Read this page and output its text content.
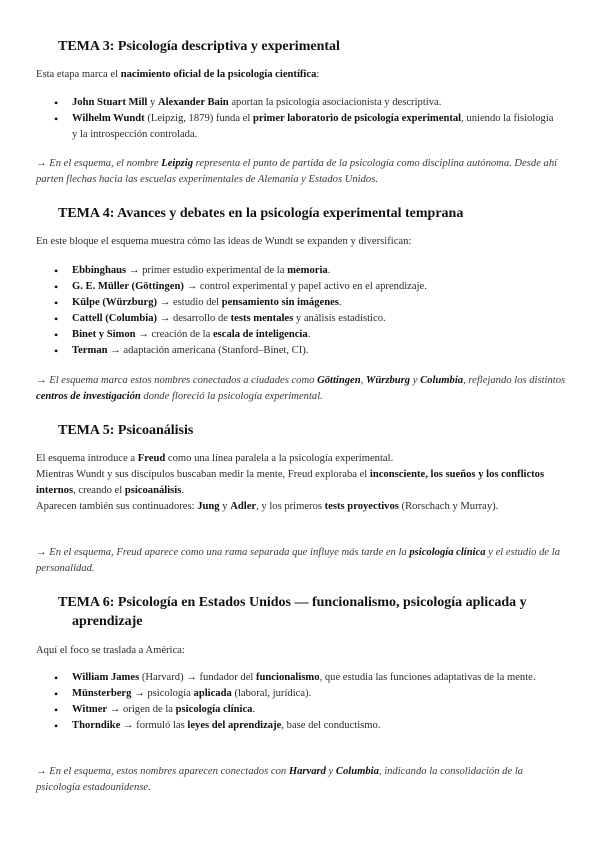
TEMA 3: Psicología descriptiva y experimental

Esta etapa marca el nacimiento oficial de la psicología científica:

• John Stuart Mill y Alexander Bain aportan la psicología asociacionista y descriptiva.
• Wilhelm Wundt (Leipzig, 1879) funda el primer laboratorio de psicología experimental, uniendo la fisiología y la introspección controlada.

→ En el esquema, el nombre Leipzig representa el punto de partida de la psicología como disciplina autónoma. Desde ahí parten flechas hacia las escuelas experimentales de Alemania y Estados Unidos.

TEMA 4: Avances y debates en la psicología experimental temprana

En este bloque el esquema muestra cómo las ideas de Wundt se expanden y diversifican:

• Ebbinghaus → primer estudio experimental de la memoria.
• G. E. Müller (Göttingen) → control experimental y papel activo en el aprendizaje.
• Külpe (Würzburg) → estudio del pensamiento sin imágenes.
• Cattell (Columbia) → desarrollo de tests mentales y análisis estadístico.
• Binet y Simon → creación de la escala de inteligencia.
• Terman → adaptación americana (Stanford–Binet, CI).

→ El esquema marca estos nombres conectados a ciudades como Göttingen, Würzburg y Columbia, reflejando los distintos centros de investigación donde floreció la psicología experimental.

TEMA 5: Psicoanálisis

El esquema introduce a Freud como una línea paralela a la psicología experimental.
Mientras Wundt y sus discípulos buscaban medir la mente, Freud exploraba el inconsciente, los sueños y los conflictos internos, creando el psicoanálisis.
Aparecen también sus continuadores: Jung y Adler, y los primeros tests proyectivos (Rorschach y Murray).

→ En el esquema, Freud aparece como una rama separada que influye más tarde en la psicología clínica y el estudio de la personalidad.

TEMA 6: Psicología en Estados Unidos — funcionalismo, psicología aplicada y
aprendizaje

Aquí el foco se traslada a América:

• William James (Harvard) → fundador del funcionalismo, que estudia las funciones adaptativas de la mente.
• Münsterberg → psicología aplicada (laboral, jurídica).
• Witmer → origen de la psicología clínica.
• Thorndike → formuló las leyes del aprendizaje, base del conductismo.

→ En el esquema, estos nombres aparecen conectados con Harvard y Columbia, indicando la consolidación de la psicología estadounidense.
